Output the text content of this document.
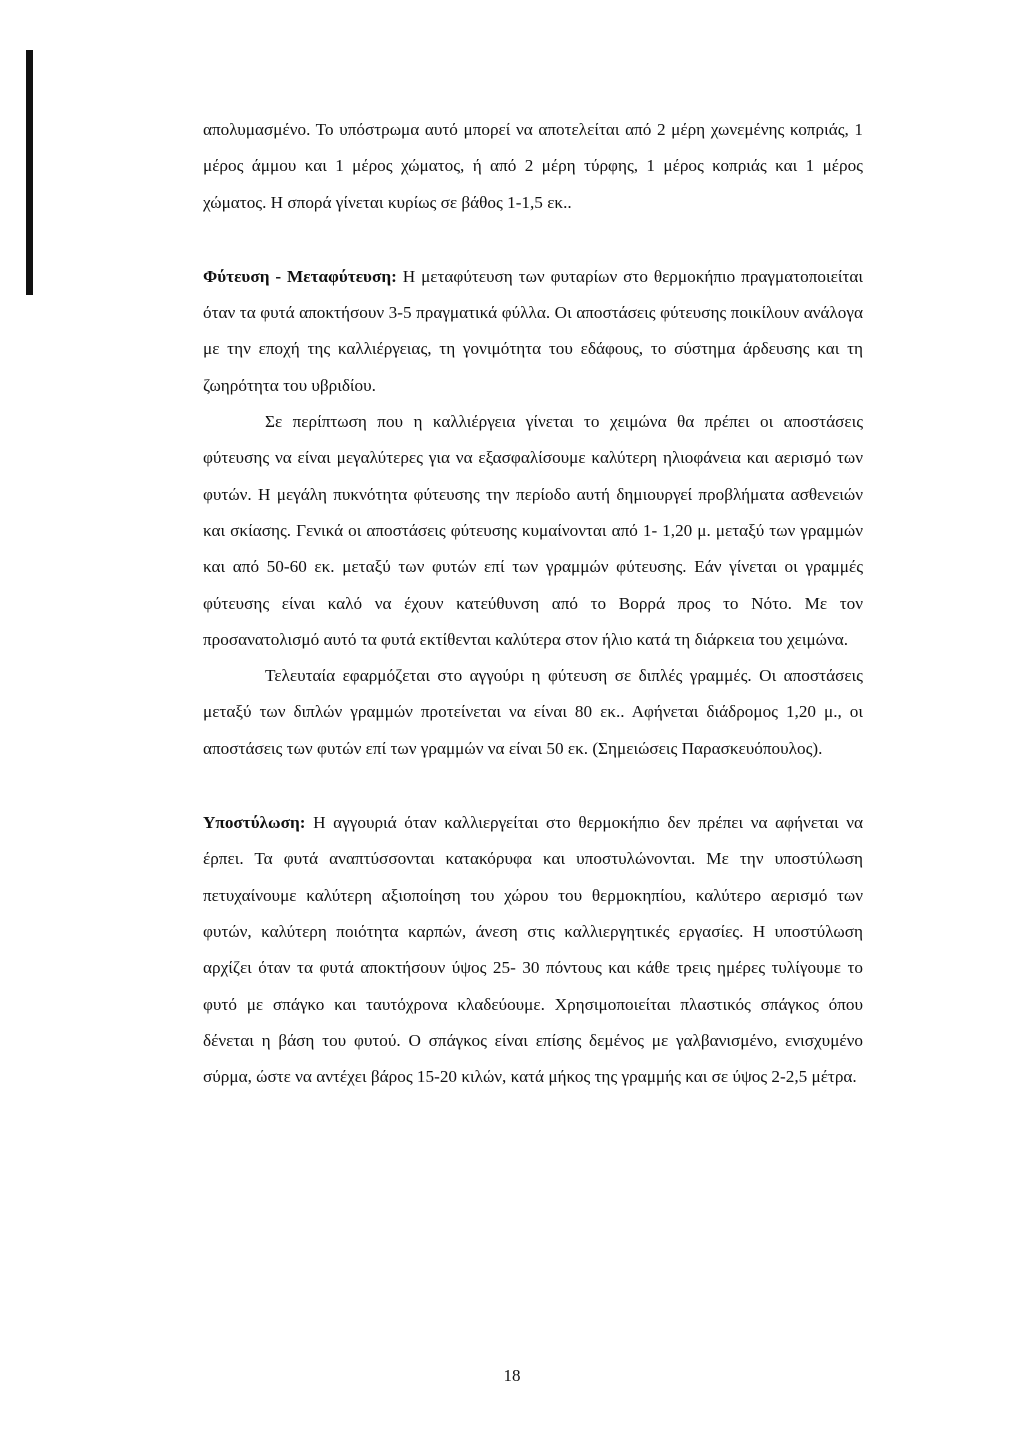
απολυμασμένο. Το υπόστρωμα αυτό μπορεί να αποτελείται από 2 μέρη χωνεμένης κοπριάς, 1 μέρος άμμου και 1 μέρος χώματος, ή από 2 μέρη τύρφης, 1 μέρος κοπριάς και 1 μέρος χώματος. Η σπορά γίνεται κυρίως σε βάθος 1-1,5 εκ..

Φύτευση - Μεταφύτευση: Η μεταφύτευση των φυταρίων στο θερμοκήπιο πραγματοποιείται όταν τα φυτά αποκτήσουν 3-5 πραγματικά φύλλα. Οι αποστάσεις φύτευσης ποικίλουν ανάλογα με την εποχή της καλλιέργειας, τη γονιμότητα του εδάφους, το σύστημα άρδευσης και τη ζωηρότητα του υβριδίου.

Σε περίπτωση που η καλλιέργεια γίνεται το χειμώνα θα πρέπει οι αποστάσεις φύτευσης να είναι μεγαλύτερες για να εξασφαλίσουμε καλύτερη ηλιοφάνεια και αερισμό των φυτών. Η μεγάλη πυκνότητα φύτευσης την περίοδο αυτή δημιουργεί προβλήματα ασθενειών και σκίασης. Γενικά οι αποστάσεις φύτευσης κυμαίνονται από 1- 1,20 μ. μεταξύ των γραμμών και από 50-60 εκ. μεταξύ των φυτών επί των γραμμών φύτευσης. Εάν γίνεται οι γραμμές φύτευσης είναι καλό να έχουν κατεύθυνση από το Βορρά προς το Νότο. Με τον προσανατολισμό αυτό τα φυτά εκτίθενται καλύτερα στον ήλιο κατά τη διάρκεια του χειμώνα.

Τελευταία εφαρμόζεται στο αγγούρι η φύτευση σε διπλές γραμμές. Οι αποστάσεις μεταξύ των διπλών γραμμών προτείνεται να είναι 80 εκ.. Αφήνεται διάδρομος 1,20 μ., οι αποστάσεις των φυτών επί των γραμμών να είναι 50 εκ. (Σημειώσεις Παρασκευόπουλος).

Υποστύλωση: Η αγγουριά όταν καλλιεργείται στο θερμοκήπιο δεν πρέπει να αφήνεται να έρπει. Τα φυτά αναπτύσσονται κατακόρυφα και υποστυλώνονται. Με την υποστύλωση πετυχαίνουμε καλύτερη αξιοποίηση του χώρου του θερμοκηπίου, καλύτερο αερισμό των φυτών, καλύτερη ποιότητα καρπών, άνεση στις καλλιεργητικές εργασίες. Η υποστύλωση αρχίζει όταν τα φυτά αποκτήσουν ύψος 25- 30 πόντους και κάθε τρεις ημέρες τυλίγουμε το φυτό με σπάγκο και ταυτόχρονα κλαδεύουμε. Χρησιμοποιείται πλαστικός σπάγκος όπου δένεται η βάση του φυτού. Ο σπάγκος είναι επίσης δεμένος με γαλβανισμένο, ενισχυμένο σύρμα, ώστε να αντέχει βάρος 15-20 κιλών, κατά μήκος της γραμμής και σε ύψος 2-2,5 μέτρα.

18
